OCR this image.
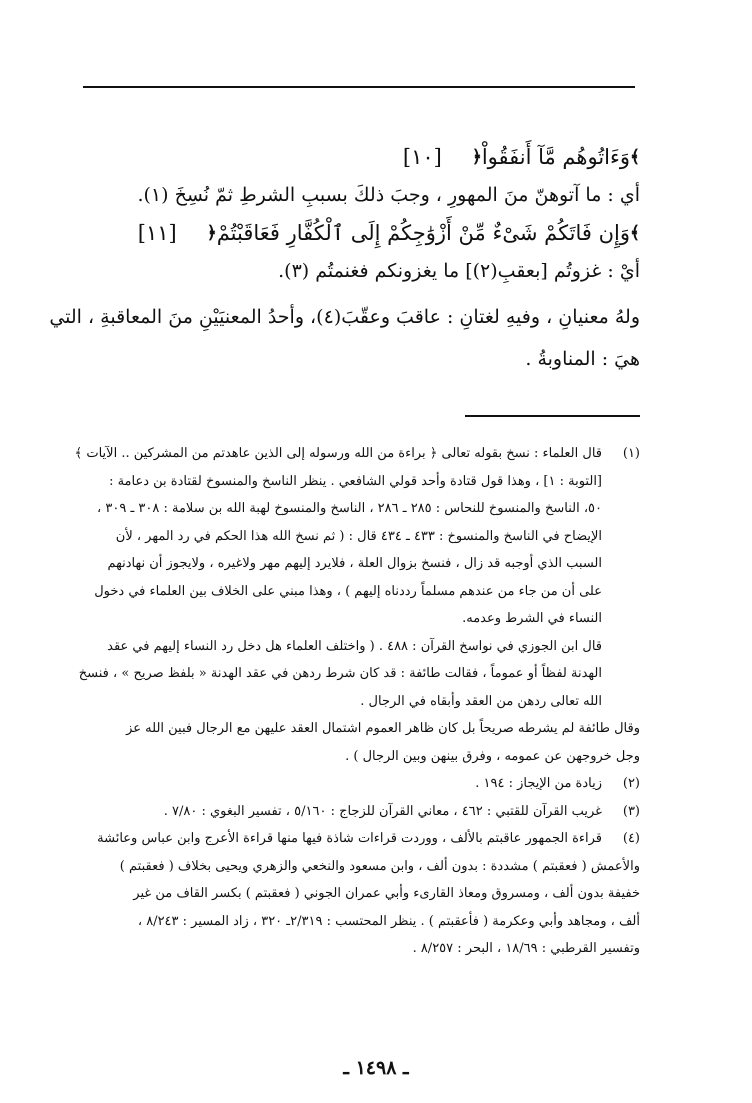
﴾
وَءَاتُوهُم مَّآ أَنفَقُواْ
﴿
[١٠]
أي : ما آتوهنّ منَ المهورِ ، وجبَ ذلكَ بسببِ الشرطِ ثمّ نُسِخَ (١).
﴾
وَإِن فَاتَكُمْ شَىْءٌ مِّنْ أَزْوَٰجِكُمْ إِلَى ٱلْكُفَّارِ فَعَاقَبْتُمْ
﴿
[١١]
أيْ : غزوتُم [بعقبِ(٢)] ما يغزونكم فغنمتُم (٣).
ولهُ معنيانِ ، وفيهِ لغتانِ : عاقبَ وعقّبَ(٤)، وأحدُ المعنيَيْنِ منَ المعاقبةِ ، التي
هيَ : المناوبةُ .
(١)
قال العلماء : نسخ بقوله تعالى ﴿ براءة من الله ورسوله إلى الذين عاهدتم من المشركين .. الآيات ﴾
[التوبة : ١] ، وهذا قول قتادة وأحد قولي الشافعي . ينظر الناسخ والمنسوخ لقتادة بن دعامة :
٥٠، الناسخ والمنسوخ للنحاس : ٢٨٥ ـ ٢٨٦ ، الناسخ والمنسوخ لهبة الله بن سلامة : ٣٠٨ ـ ٣٠٩ ،
الإيضاح في الناسخ والمنسوخ : ٤٣٣ ـ ٤٣٤ قال : ( ثم نسخ الله هذا الحكم في رد المهر ، لأن
السبب الذي أوجبه قد زال ، فنسخ بزوال العلة ، فلايرد إليهم مهر ولاغيره ، ولايجوز أن نهادنهم
على أن من جاء من عندهم مسلماً رددناه إليهم ) ، وهذا مبني على الخلاف بين العلماء في دخول
النساء في الشرط وعدمه.
قال ابن الجوزي في نواسخ القرآن : ٤٨٨ . ( واختلف العلماء هل دخل رد النساء إليهم في عقد
الهدنة لفظاً أو عموماً ، فقالت طائفة : قد كان شرط ردهن في عقد الهدنة « بلفظ صريح » ، فنسخ
الله تعالى ردهن من العقد وأبقاه في الرجال .
وقال طائفة لم يشرطه صريحاً بل كان ظاهر العموم اشتمال العقد عليهن مع الرجال فبين الله عز
وجل خروجهن عن عمومه ، وفرق بينهن وبين الرجال ) .
(٢)
زيادة من الإيجاز : ١٩٤ .
(٣)
غريب القرآن للقتبي : ٤٦٢ ، معاني القرآن للزجاج : ٥/١٦٠ ، تفسير البغوي : ٧/٨٠ .
(٤)
قراءة الجمهور عاقبتم بالألف ، ووردت قراءات شاذة فيها منها قراءة الأعرج وابن عباس وعائشة
والأعمش ( فعقبتم ) مشددة : بدون ألف ، وابن مسعود والنخعي والزهري ويحيى بخلاف ( فعقبتم )
خفيفة بدون ألف ، ومسروق ومعاذ القارىء وأبي عمران الجوني ( فعقبتم ) بكسر القاف من غير
ألف ، ومجاهد وأبي وعكرمة ( فأعقبتم ) . ينظر المحتسب : ٢/٣١٩ـ ٣٢٠ ، زاد المسير : ٨/٢٤٣ ،
وتفسير القرطبي : ١٨/٦٩ ، البحر : ٨/٢٥٧ .
ـ ١٤٩٨ ـ
